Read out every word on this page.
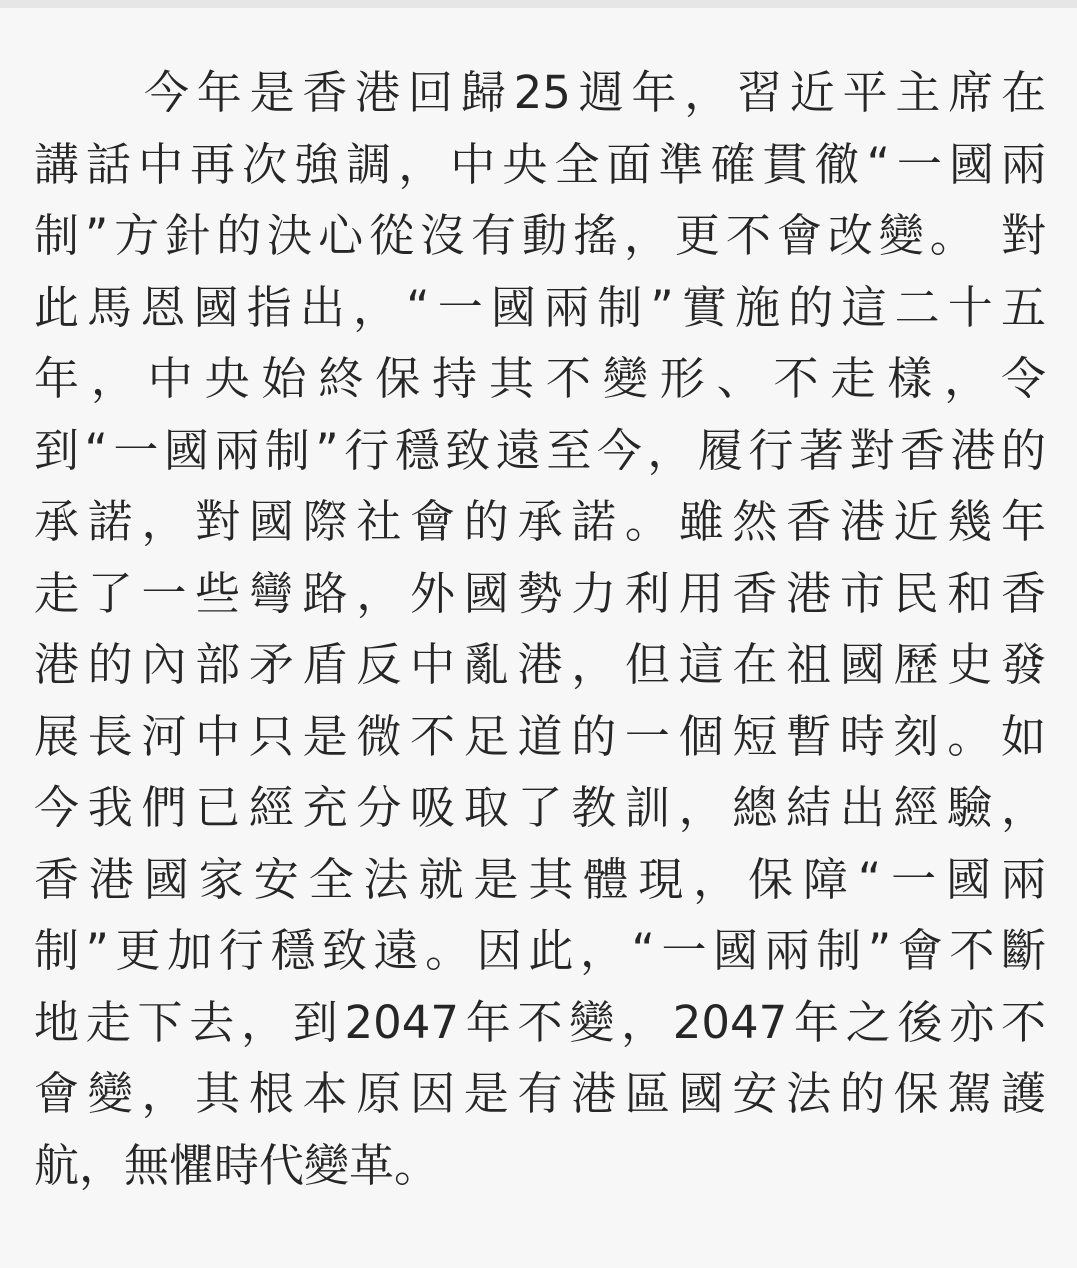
今年是香港回歸25週年，習近平主席在
講話中再次強調，中央全面準確貫徹“一國兩
制”方針的決心從沒有動搖，更不會改變。 對
此馬恩國指出，“一國兩制”實施的這二十五
年，中央始終保持其不變形、不走樣，令
到“一國兩制”行穩致遠至今，履行著對香港的
承諾，對國際社會的承諾。雖然香港近幾年
走了一些彎路，外國勢力利用香港市民和香
港的內部矛盾反中亂港，但這在祖國歷史發
展長河中只是微不足道的一個短暫時刻。如
今我們已經充分吸取了教訓，總結出經驗，
香港國家安全法就是其體現，保障“一國兩
制”更加行穩致遠。因此，“一國兩制”會不斷
地走下去，到2047年不變，2047年之後亦不
會變，其根本原因是有港區國安法的保駕護
航，無懼時代變革。
